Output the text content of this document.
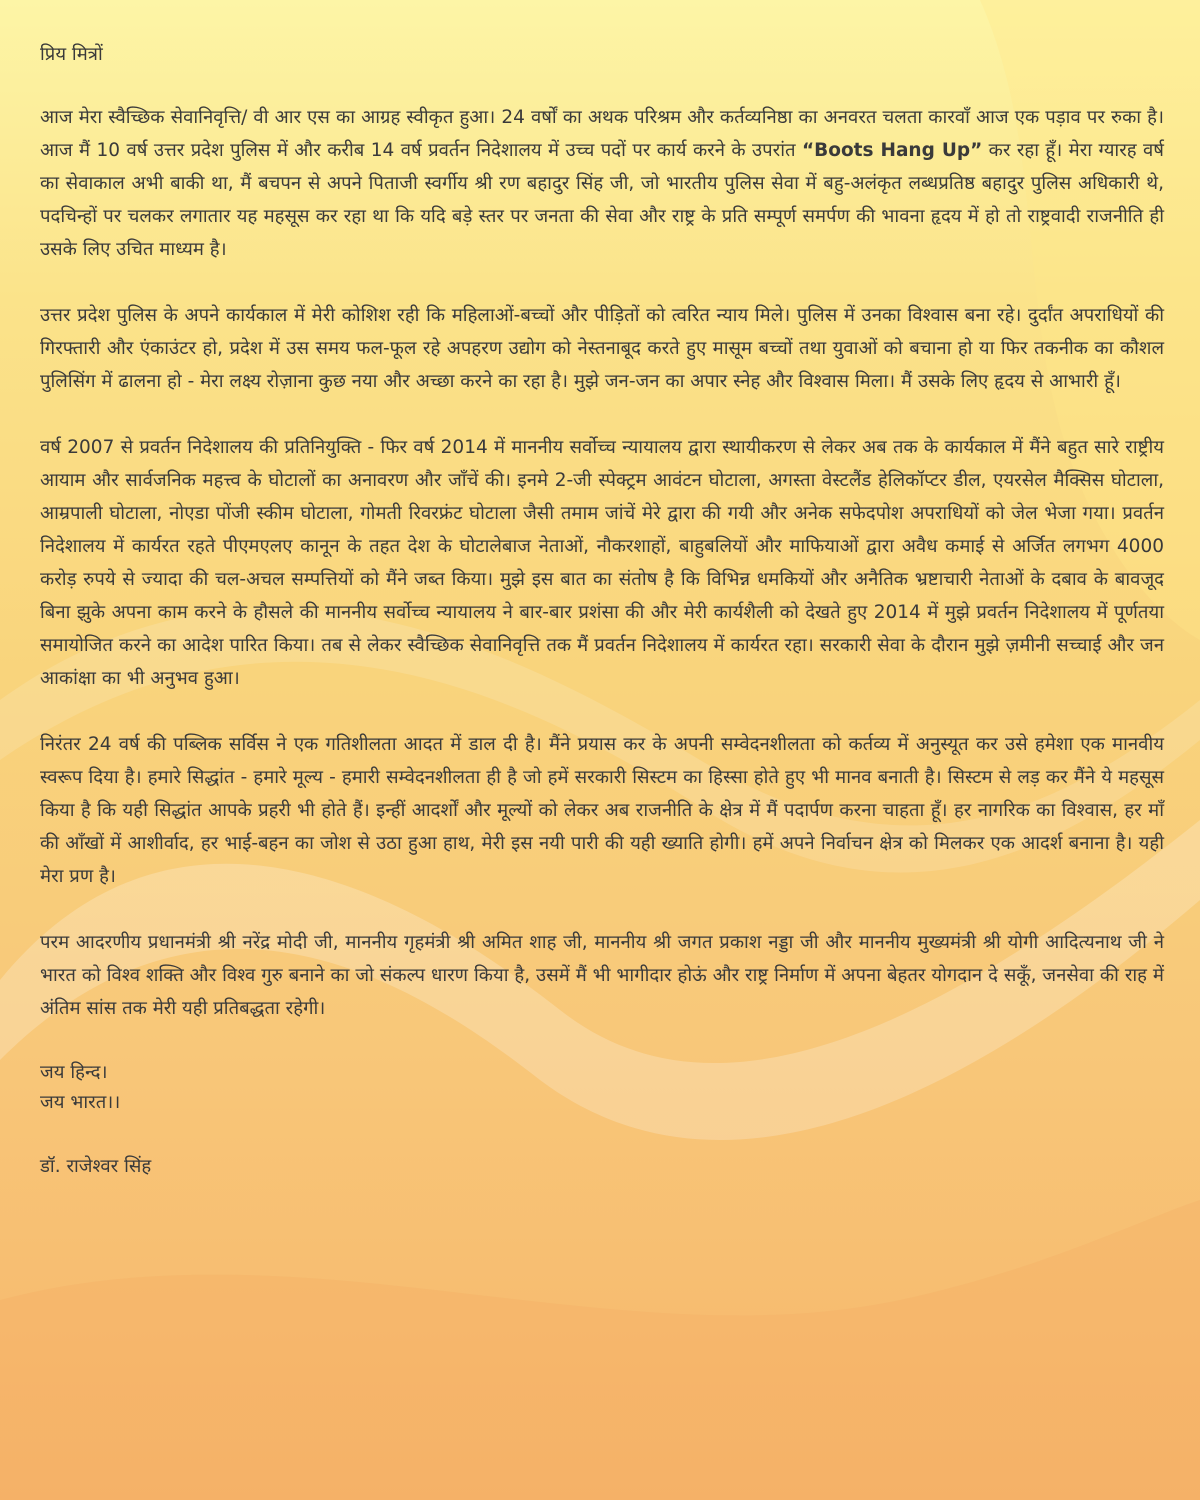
प्रिय मित्रों

आज मेरा स्वैच्छिक सेवानिवृत्ति/ वी आर एस का आग्रह स्वीकृत हुआ। 24 वर्षों का अथक परिश्रम और कर्तव्यनिष्ठा का अनवरत चलता कारवाँ आज एक पड़ाव पर रुका है। आज मैं 10 वर्ष उत्तर प्रदेश पुलिस में और करीब 14 वर्ष प्रवर्तन निदेशालय में उच्च पदों पर कार्य करने के उपरांत “Boots Hang Up” कर रहा हूँ। मेरा ग्यारह वर्ष का सेवाकाल अभी बाकी था, मैं बचपन से अपने पिताजी स्वर्गीय श्री रण बहादुर सिंह जी, जो भारतीय पुलिस सेवा में बहु-अलंकृत लब्धप्रतिष्ठ बहादुर पुलिस अधिकारी थे, पदचिन्हों पर चलकर लगातार यह महसूस कर रहा था कि यदि बड़े स्तर पर जनता की सेवा और राष्ट्र के प्रति सम्पूर्ण समर्पण की भावना हृदय में हो तो राष्ट्रवादी राजनीति ही उसके लिए उचित माध्यम है।

उत्तर प्रदेश पुलिस के अपने कार्यकाल में मेरी कोशिश रही कि महिलाओं-बच्चों और पीड़ितों को त्वरित न्याय मिले। पुलिस में उनका विश्वास बना रहे। दुर्दांत अपराधियों की गिरफ्तारी और एंकाउंटर हो, प्रदेश में उस समय फल-फूल रहे अपहरण उद्योग को नेस्तनाबूद करते हुए मासूम बच्चों तथा युवाओं को बचाना हो या फिर तकनीक का कौशल पुलिसिंग में ढालना हो - मेरा लक्ष्य रोज़ाना कुछ नया और अच्छा करने का रहा है। मुझे जन-जन का अपार स्नेह और विश्वास मिला। मैं उसके लिए हृदय से आभारी हूँ।

वर्ष 2007 से प्रवर्तन निदेशालय की प्रतिनियुक्ति - फिर वर्ष 2014 में माननीय सर्वोच्च न्यायालय द्वारा स्थायीकरण से लेकर अब तक के कार्यकाल में मैंने बहुत सारे राष्ट्रीय आयाम और सार्वजनिक महत्त्व के घोटालों का अनावरण और जाँचें की। इनमे 2-जी स्पेक्ट्रम आवंटन घोटाला, अगस्ता वेस्टलैंड हेलिकॉप्टर डील, एयरसेल मैक्सिस घोटाला, आम्रपाली घोटाला, नोएडा पोंजी स्कीम घोटाला, गोमती रिवरफ्रंट घोटाला जैसी तमाम जांचें मेरे द्वारा की गयी और अनेक सफेदपोश अपराधियों को जेल भेजा गया। प्रवर्तन निदेशालय में कार्यरत रहते पीएमएलए कानून के तहत देश के घोटालेबाज नेताओं, नौकरशाहों, बाहुबलियों और माफियाओं द्वारा अवैध कमाई से अर्जित लगभग 4000 करोड़ रुपये से ज्यादा की चल-अचल सम्पत्तियों को मैंने जब्त किया। मुझे इस बात का संतोष है कि विभिन्न धमकियों और अनैतिक भ्रष्टाचारी नेताओं के दबाव के बावजूद बिना झुके अपना काम करने के हौसले की माननीय सर्वोच्च न्यायालय ने बार-बार प्रशंसा की और मेरी कार्यशैली को देखते हुए 2014 में मुझे प्रवर्तन निदेशालय में पूर्णतया समायोजित करने का आदेश पारित किया। तब से लेकर स्वैच्छिक सेवानिवृत्ति तक मैं प्रवर्तन निदेशालय में कार्यरत रहा। सरकारी सेवा के दौरान मुझे ज़मीनी सच्चाई और जन आकांक्षा का भी अनुभव हुआ।

निरंतर 24 वर्ष की पब्लिक सर्विस ने एक गतिशीलता आदत में डाल दी है। मैंने प्रयास कर के अपनी सम्वेदनशीलता को कर्तव्य में अनुस्यूत कर उसे हमेशा एक मानवीय स्वरूप दिया है। हमारे सिद्धांत - हमारे मूल्य - हमारी सम्वेदनशीलता ही है जो हमें सरकारी सिस्टम का हिस्सा होते हुए भी मानव बनाती है। सिस्टम से लड़ कर मैंने ये महसूस किया है कि यही सिद्धांत आपके प्रहरी भी होते हैं। इन्हीं आदर्शों और मूल्यों को लेकर अब राजनीति के क्षेत्र में मैं पदार्पण करना चाहता हूँ। हर नागरिक का विश्वास, हर माँ की आँखों में आशीर्वाद, हर भाई-बहन का जोश से उठा हुआ हाथ, मेरी इस नयी पारी की यही ख्याति होगी। हमें अपने निर्वाचन क्षेत्र को मिलकर एक आदर्श बनाना है। यही मेरा प्रण है।

परम आदरणीय प्रधानमंत्री श्री नरेंद्र मोदी जी, माननीय गृहमंत्री श्री अमित शाह जी, माननीय श्री जगत प्रकाश नड्डा जी और माननीय मुख्यमंत्री श्री योगी आदित्यनाथ जी ने भारत को विश्व शक्ति और विश्व गुरु बनाने का जो संकल्प धारण किया है, उसमें मैं भी भागीदार होऊं और राष्ट्र निर्माण में अपना बेहतर योगदान दे सकूँ, जनसेवा की राह में अंतिम सांस तक मेरी यही प्रतिबद्धता रहेगी।

जय हिन्द।

जय भारत।।

डॉ. राजेश्वर सिंह
